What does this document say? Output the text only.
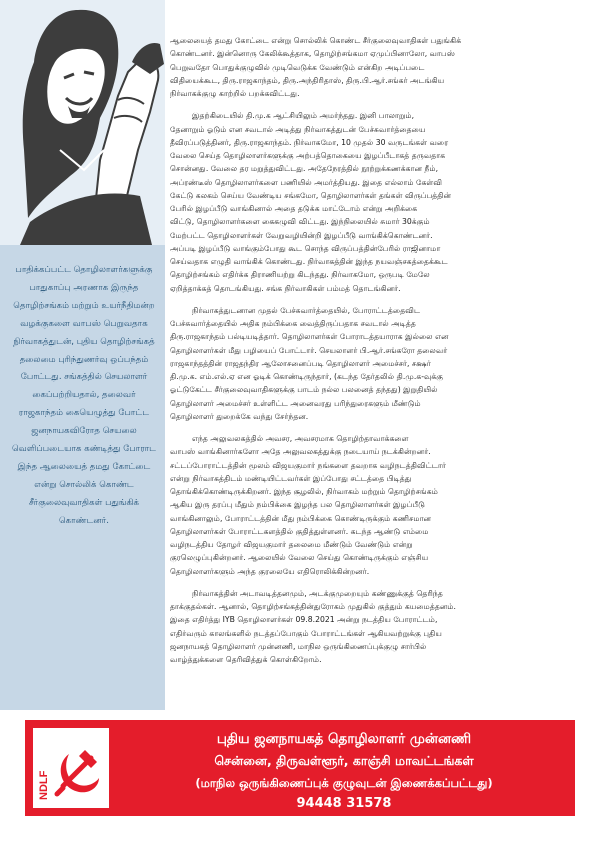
பாதிக்கப்பட்ட தொழிலாளர்களுக்கு

பாதுகாப்பு அரணாக இருந்த

தொழிற்சங்கம் மற்றும் உயர்நீதிமன்ற

வழக்குகளை வாபஸ் பெறுவதாக

நிர்வாகத்துடன், புதிய தொழிற்சங்கத்

தலைமை புரிந்துணர்வு ஒப்பந்தம்

போட்டது. சங்கத்தில் செயலாளர்

கைப்பற்றியதால், தலைவர்

ராஜகாந்தம் கையெழுத்து போட்ட

ஜனநாயகவிரோத செயலை

வெளிப்படையாக கண்டித்து போராட

இந்த ஆலையைத் தமது கோட்டை

என்று சொல்லிக் கொண்ட

சீர்குலைவுவாதிகள் பதுங்கிக்

கொண்டனர்.

ஆலையைத் தமது கோட்டை என்று சொல்லிக் கொண்ட சீர்குலைவுவாதிகள் பதுங்கிக்

கொண்டனர். இன்னொரு கேலிக்கூத்தாக, தொழிற்சங்கமா ஏமுப்பினாலோ, வாபஸ்

பெறுவதோ பொதுக்குழுவில் முடிவெடுக்க வேண்டும் என்கிற அடிப்படை

விதியைக்கூட, திரு.ராஜகாந்தம், திரு.அந்திரிதாஸ், திரு.பி.ஆர்.சங்கர் அடங்கிய

நிர்வாகக்குழு காற்றில் பறக்கவிட்டது.

இதற்கிடையில் தி.மு.க ஆட்சியிலும் அமர்ந்தது. இனி பாலாறும்,

தேனாறும் ஓடும் என சவடால் அடித்து நிர்வாகத்துடன் பேச்சுவார்த்தையை

தீவிரப்படுத்தினர், திரு.ராஜகாந்தம். நிர்வாகமோ, 10 முதல் 30 வருடங்கள் வரை

வேலை செய்த தொழிலாளர்களுக்கு அற்பத்தொகையை இழப்பீடாகத் தருவதாக

சொன்னது. வேலை தர மறுத்துவிட்டது. அதேநேரத்தில் நூற்றுக்கணக்கான நீம்,

அப்ரண்டீஸ் தொழிலாளர்களை பணியில் அமர்த்தியது. இதை எல்லாம் கேள்வி

கேட்டு கலகம் செய்ய வேண்டிய சங்கமோ, தொழிலாளர்கள் தங்கள் விருப்பத்தின்

பேரில் இழப்பீடு வாங்கினால் அதை தடுக்க மாட்டோம் என்று அறிக்கை

விட்டு, தொழிலாளர்களை கைகழுவி விட்டது. இந்நிலையில் சுமார் 30க்கும்

மேற்பட்ட தொழிலாளர்கள் வேறுவழியின்றி இழப்பீடு வாங்கிக்கொண்டனர்.

அப்படி இழப்பீடு வாங்கும்போது கூட சொந்த விருப்பத்தின்பேரில் ராஜினாமா

செய்வதாக எழுதி வாங்கிக் கொண்டது. நிர்வாகத்தின் இந்த நயவஞ்சகத்தைக்கூட

தொழிற்சங்கம் எதிர்க்க திராணியற்று கிடந்தது. நிர்வாகமோ, ஒருபடி மேலே

ஏறித்தாக்கத் தொடங்கியது. சங்க நிர்வாகிகள் பம்மத் தொடங்கினர்.

நிர்வாகத்துடனான முதல் பேச்சுவார்த்தையில், போராட்டத்தைவிட

பேச்சுவார்த்தையில் அதிக நம்பிக்கை வைத்திருப்பதாக சவடால் அடித்த

திரு.ராஜகாந்தம் பல்டியடித்தார். தொழிலாளர்கள் போராடத்தயாராக இல்லை என

தொழிலாளர்கள் மீது பழியைப் போட்டார். செயலாளர் பி.ஆர்.சங்கரோ தலைவர்

ராஜகாந்தத்தின் ராஜதந்திர ஆலோசனைப்படி தொழிலாளர் அமைச்சர், சக்ஷர்

தி.மு.க. எம்.எல்.ஏ என ஓடிக் கொண்டிருந்தார், (கடந்த தேர்தலில் தி.மு.க-வுக்கு

ஓட்டுகேட்ட சீர்குலைவுவாதிகளுக்கு பாடம் நல்ல பலனைத் தந்தது) இறுதியில்

தொழிலாளர் அமைச்சர் உள்ளிட்ட அனைவரது பரிந்துரைகளும் மீண்டும்

தொழிலாளர் துறைக்கே வந்து சேர்ந்தன.

எந்த அலுவலகத்தில் அவசர, அவசரமாக தொழிற்தாவாக்களை

வாபஸ் வாங்கினார்களோ அதே அலுவலகத்துக்கு நடையாய் நடக்கின்றனர்.

சட்டப்போராட்டத்தின் மூலம் விஜயகுமார் நங்களை தவறாக வழிநடத்திவிட்டார்

என்று நிர்வாகத்திடம் மண்டியிட்டவர்கள் இப்போது சட்டத்தை பிடித்து

தொங்கிக்கொண்டிருக்கிறனர். இந்த சூழலில், நிர்வாகம் மற்றும் தொழிற்சங்கம்

ஆகிய இரு தரப்பு மீதும் நம்பிக்கை இழந்த பல தொழிலாளர்கள் இழப்பீடு

வாங்கினாலும், போராட்டத்தின் மீது நம்பிக்கை கொண்டிருக்கும் கணிசமான

தொழிலாளர்கள் போராட்டகளத்தில் குதித்துள்ளனர். கடந்த ஆண்டு எம்மை

வழிநடத்திய தோழர் விஜயகுமார் தலைமை மீண்டும் வேண்டும் என்று

குரலெழுப்புகின்றனர். ஆலையில் வேலை செய்து கொண்டிருக்கும் எஞ்சிய

தொழிலாளர்களும் அந்த குரலையே எதிரொலிக்கின்றனர்.

நிர்வாகத்தின் அடாவடித்தனமும், அடக்குமுறையும் கண்ணுக்குத் தெரிந்த

தாக்குதல்கள். ஆனால், தொழிற்சங்கத்தின்துரோகம் முதுகில் குத்தும் கயமைத்தனம்.

இதை எதிர்த்து IYB தொழிலாளர்கள் 09.8.2021 அன்று நடத்திய போராட்டம்,

எதிர்வரும் காலங்களில் நடத்தப்போகும் போராட்டங்கள் ஆகியவற்றுக்கு புதிய

ஜனநாயகத் தொழிலாளர் முன்னணி, மாநில ஒருங்கிணைப்புக்குழு சார்பில்

வாழ்த்துக்களை தெரிவித்துக் கொள்கிறோம்.

NDLF
புதிய ஜனநாயகத் தொழிலாளர் முன்னணி
சென்னை, திருவள்ளூர், காஞ்சி மாவட்டங்கள்
(மாநில ஒருங்கிணைப்புக் குழுவுடன் இணைக்கப்பட்டது)
94448 31578
